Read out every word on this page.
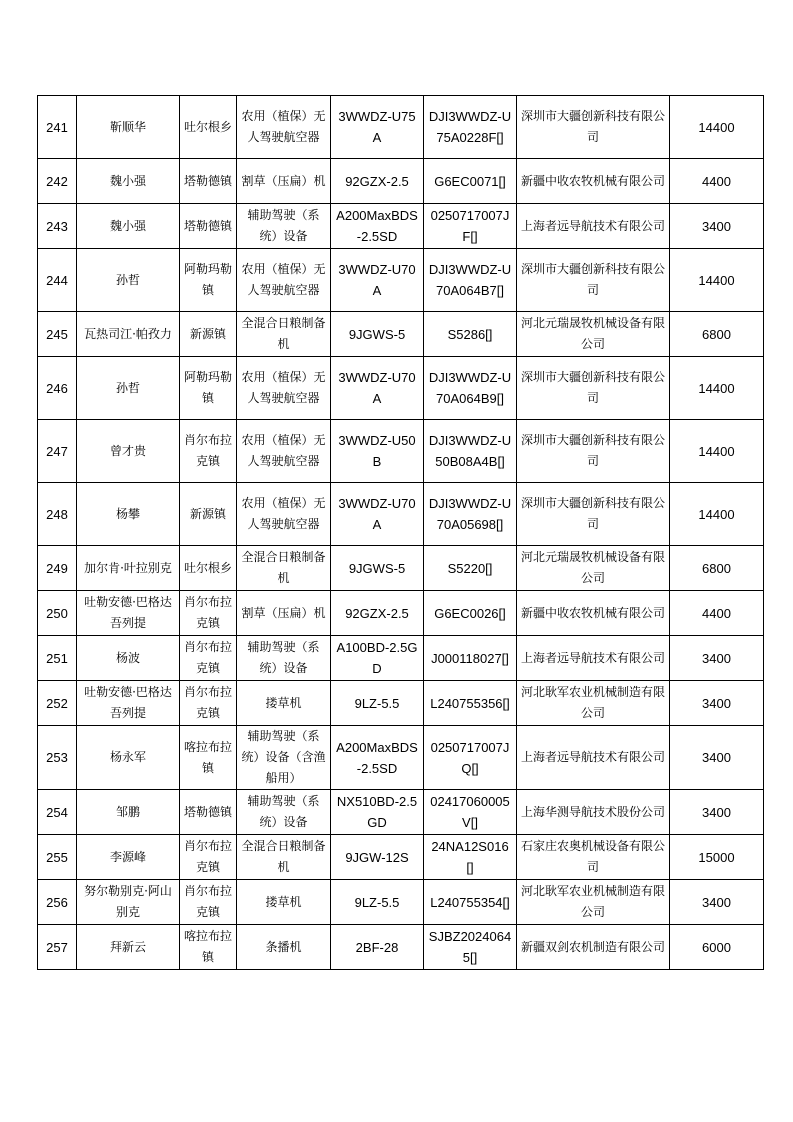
241	靳顺华	吐尔根乡	农用（植保）无人驾驶航空器	3WWDZ-U75A	DJI3WWDZ-U75A0228F[]	深圳市大疆创新科技有限公司	14400
242	魏小强	塔勒德镇	割草（压扁）机	92GZX-2.5	G6EC0071[]	新疆中收农牧机械有限公司	4400
243	魏小强	塔勒德镇	辅助驾驶（系统）设备	A200MaxBDS-2.5SD	0250717007JF[]	上海者远导航技术有限公司	3400
244	孙哲	阿勒玛勒镇	农用（植保）无人驾驶航空器	3WWDZ-U70A	DJI3WWDZ-U70A064B7[]	深圳市大疆创新科技有限公司	14400
245	瓦热司江·帕孜力	新源镇	全混合日粮制备机	9JGWS-5	S5286[]	河北元瑞晟牧机械设备有限公司	6800
246	孙哲	阿勒玛勒镇	农用（植保）无人驾驶航空器	3WWDZ-U70A	DJI3WWDZ-U70A064B9[]	深圳市大疆创新科技有限公司	14400
247	曾才贵	肖尔布拉克镇	农用（植保）无人驾驶航空器	3WWDZ-U50B	DJI3WWDZ-U50B08A4B[]	深圳市大疆创新科技有限公司	14400
248	杨攀	新源镇	农用（植保）无人驾驶航空器	3WWDZ-U70A	DJI3WWDZ-U70A05698[]	深圳市大疆创新科技有限公司	14400
249	加尔肯·叶拉别克	吐尔根乡	全混合日粮制备机	9JGWS-5	S5220[]	河北元瑞晟牧机械设备有限公司	6800
250	吐勒安德·巴格达吾列提	肖尔布拉克镇	割草（压扁）机	92GZX-2.5	G6EC0026[]	新疆中收农牧机械有限公司	4400
251	杨波	肖尔布拉克镇	辅助驾驶（系统）设备	A100BD-2.5GD	J000118027[]	上海者远导航技术有限公司	3400
252	吐勒安德·巴格达吾列提	肖尔布拉克镇	搂草机	9LZ-5.5	L240755356[]	河北耿军农业机械制造有限公司	3400
253	杨永军	喀拉布拉镇	辅助驾驶（系统）设备（含渔船用）	A200MaxBDS-2.5SD	0250717007JQ[]	上海者远导航技术有限公司	3400
254	邹鹏	塔勒德镇	辅助驾驶（系统）设备	NX510BD-2.5GD	02417060005V[]	上海华测导航技术股份公司	3400
255	李源峰	肖尔布拉克镇	全混合日粮制备机	9JGW-12S	24NA12S016[]	石家庄农奥机械设备有限公司	15000
256	努尔勒别克·阿山别克	肖尔布拉克镇	搂草机	9LZ-5.5	L240755354[]	河北耿军农业机械制造有限公司	3400
257	拜新云	喀拉布拉镇	条播机	2BF-28	SJBZ20240645[]	新疆双剑农机制造有限公司	6000
